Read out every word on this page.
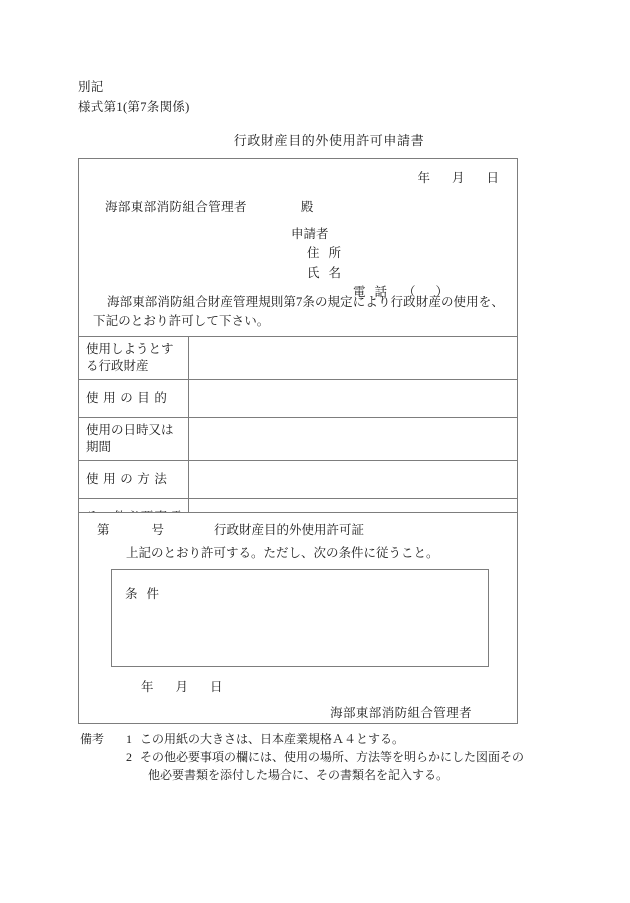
別記
様式第1(第7条関係)
行政財産目的外使用許可申請書
年 月 日
海部東部消防組合管理者	殿
申請者
住 所
氏 名
電 話 （ ）
海部東部消防組合財産管理規則第7条の規定により行政財産の使用を、下記のとおり許可して下さい。
使用しようとする行政財産
使用の目的
使用の日時又は期間
使用の方法
第	号	行政財産目的外使用許可証
上記のとおり許可する。ただし、次の条件に従うこと。
条 件
年 月 日
海部東部消防組合管理者
備考	1 この用紙の大きさは、日本産業規格Ａ４とする。
2 その他必要事項の欄には、使用の場所、方法等を明らかにした図面その
他必要書類を添付した場合に、その書類名を記入する。
